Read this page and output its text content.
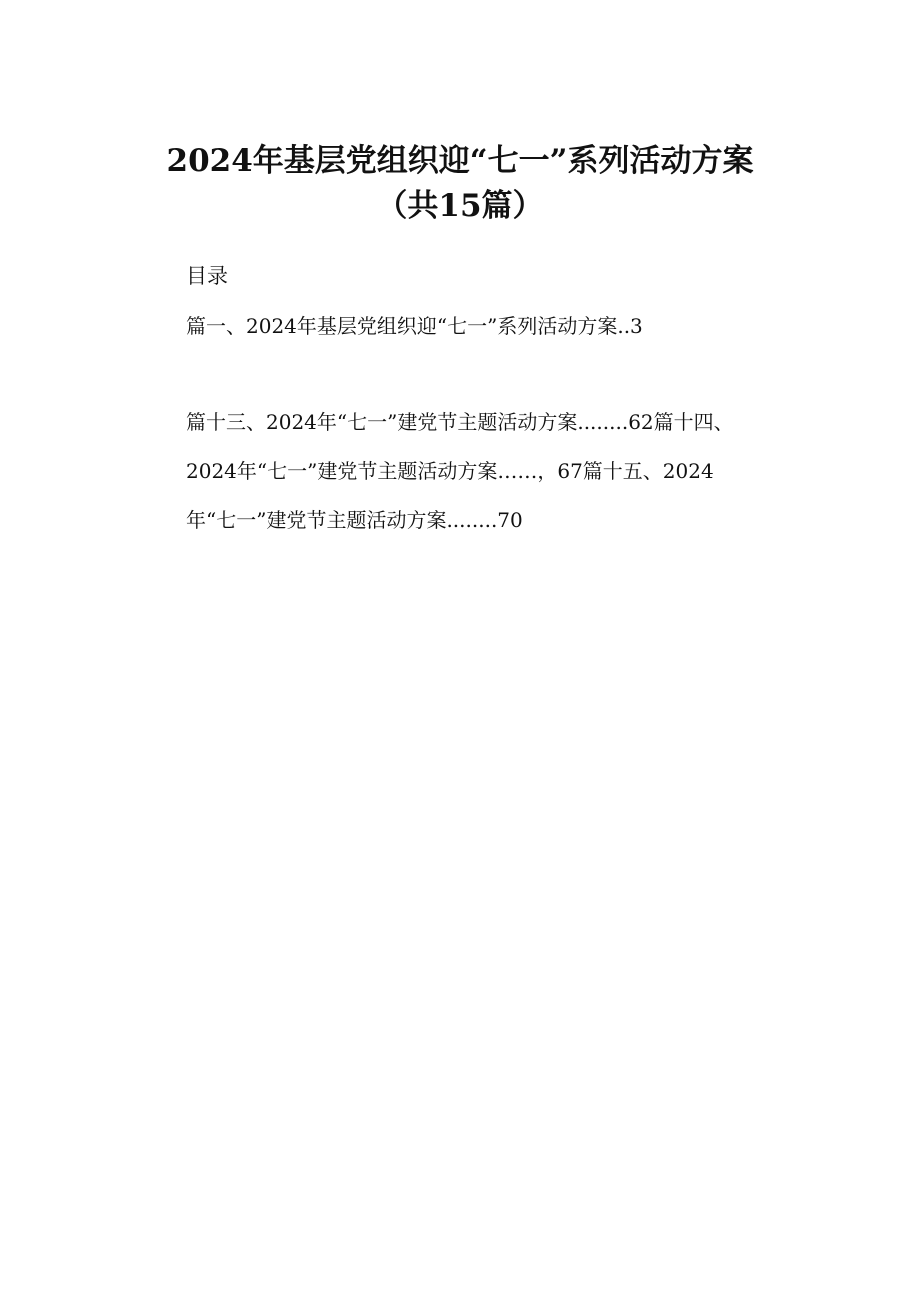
2024年基层党组织迎“七一”系列活动方案
（共15篇）
目录
篇一、2024年基层党组织迎“七一”系列活动方案..3
篇十三、2024年“七一”建党节主题活动方案........62篇十四、
2024年“七一”建党节主题活动方案……，67篇十五、2024
年“七一”建党节主题活动方案........70
